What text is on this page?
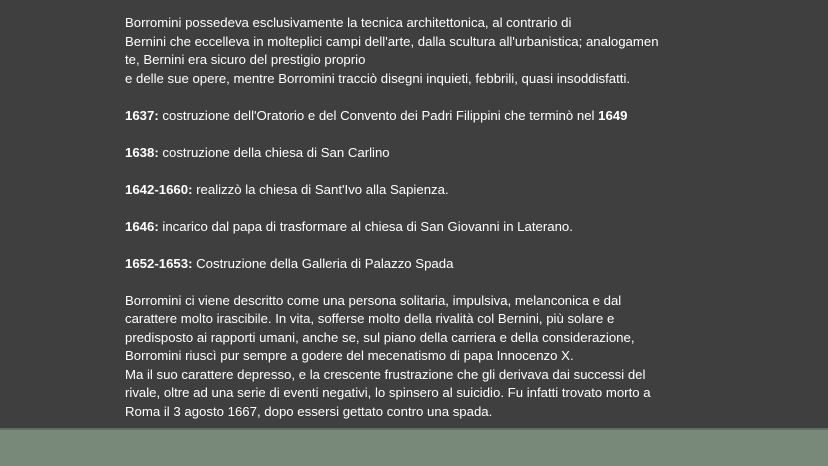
Borromini possedeva esclusivamente la tecnica architettonica, al contrario di
Bernini che eccelleva in molteplici campi dell'arte, dalla scultura all'urbanistica; analogamen
te, Bernini era sicuro del prestigio proprio
e delle sue opere, mentre Borromini tracciò disegni inquieti, febbrili, quasi insoddisfatti.

1637: costruzione dell'Oratorio e del Convento dei Padri Filippini che terminò nel 1649

1638: costruzione della chiesa di San Carlino

1642-1660: realizzò la chiesa di Sant'Ivo alla Sapienza.

1646: incarico dal papa di trasformare al chiesa di San Giovanni in Laterano.

1652-1653: Costruzione della Galleria di Palazzo Spada

Borromini ci viene descritto come una persona solitaria, impulsiva, melanconica e dal
carattere molto irascibile. In vita, sofferse molto della rivalità col Bernini, più solare e
predisposto ai rapporti umani, anche se, sul piano della carriera e della considerazione,
Borromini riuscì pur sempre a godere del mecenatismo di papa Innocenzo X.
Ma il suo carattere depresso, e la crescente frustrazione che gli derivava dai successi del
rivale, oltre ad una serie di eventi negativi, lo spinsero al suicidio. Fu infatti trovato morto a
Roma il 3 agosto 1667, dopo essersi gettato contro una spada.
